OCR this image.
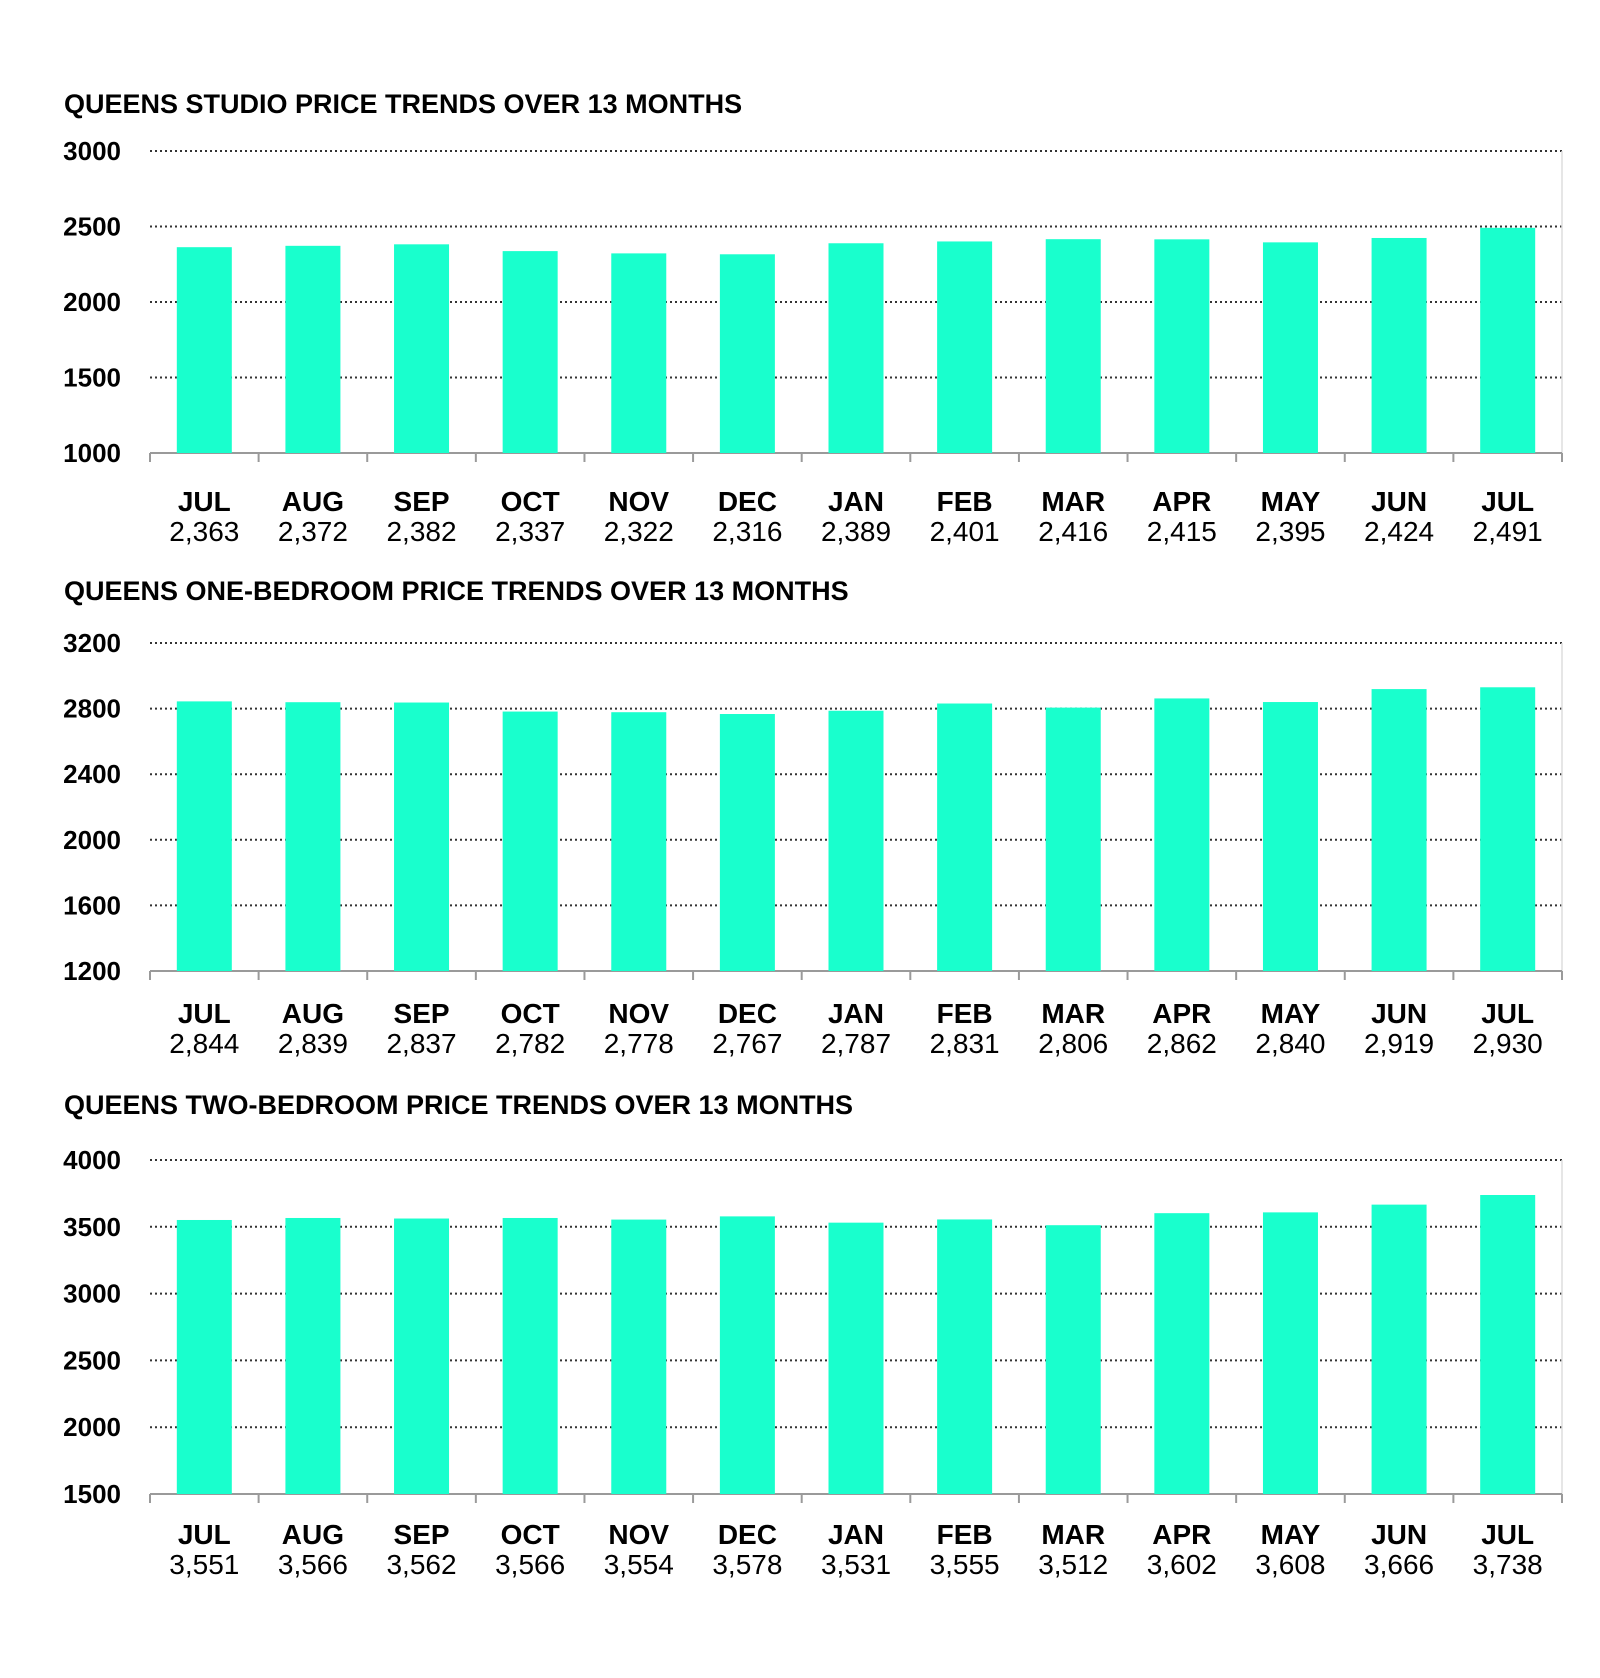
QUEENS STUDIO PRICE TRENDS OVER 13 MONTHS
1000
1500
2000
2500
3000
JUL
2,363
AUG
2,372
SEP
2,382
OCT
2,337
NOV
2,322
DEC
2,316
JAN
2,389
FEB
2,401
MAR
2,416
APR
2,415
MAY
2,395
JUN
2,424
JUL
2,491
QUEENS ONE-BEDROOM PRICE TRENDS OVER 13 MONTHS
1200
1600
2000
2400
2800
3200
JUL
2,844
AUG
2,839
SEP
2,837
OCT
2,782
NOV
2,778
DEC
2,767
JAN
2,787
FEB
2,831
MAR
2,806
APR
2,862
MAY
2,840
JUN
2,919
JUL
2,930
QUEENS TWO-BEDROOM PRICE TRENDS OVER 13 MONTHS
1500
2000
2500
3000
3500
4000
JUL
3,551
AUG
3,566
SEP
3,562
OCT
3,566
NOV
3,554
DEC
3,578
JAN
3,531
FEB
3,555
MAR
3,512
APR
3,602
MAY
3,608
JUN
3,666
JUL
3,738
